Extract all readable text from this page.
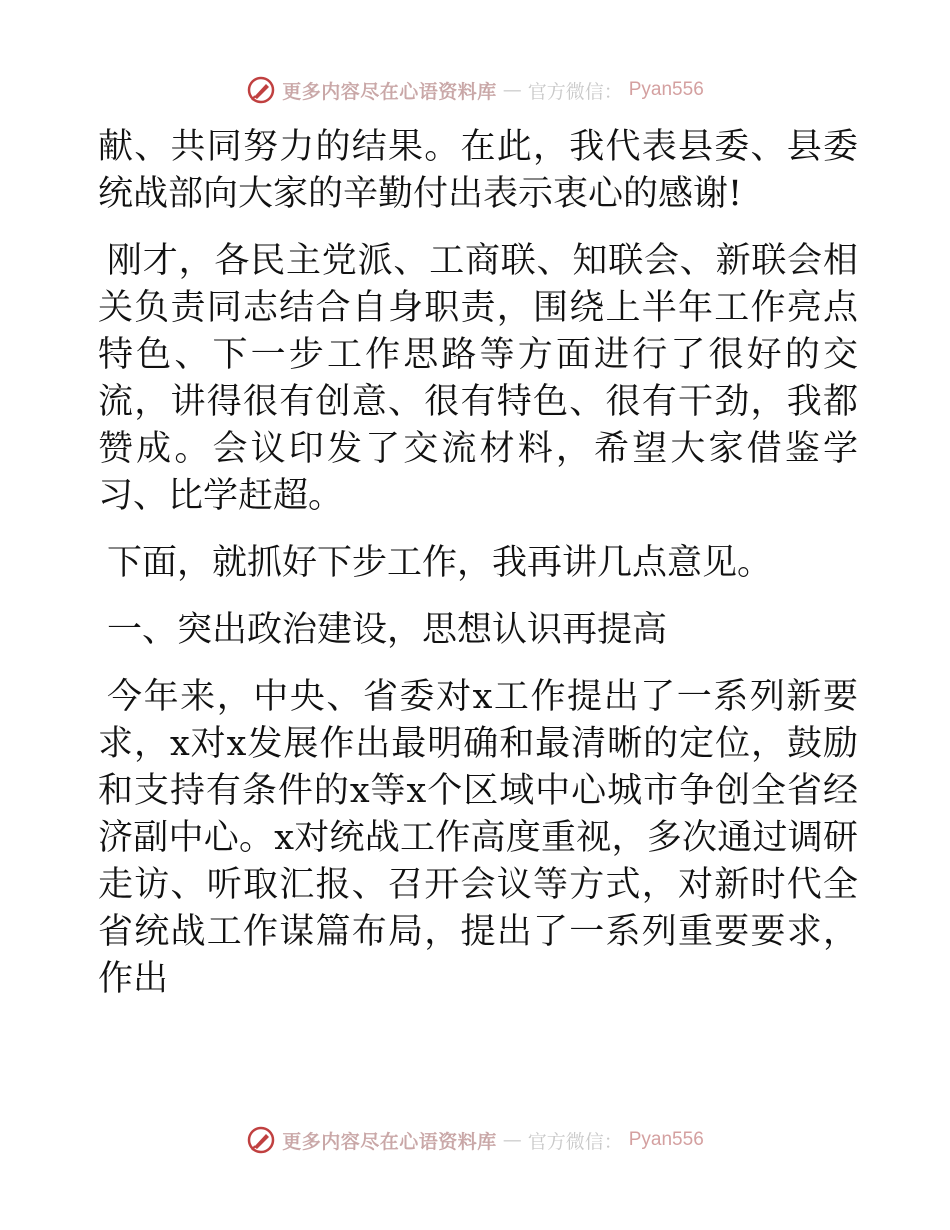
更多内容尽在心语资料库 — 官方微信： Pyan556

献、共同努力的结果。在此，我代表县委、县委统战部向大家的辛勤付出表示衷心的感谢!

刚才，各民主党派、工商联、知联会、新联会相关负责同志结合自身职责，围绕上半年工作亮点特色、下一步工作思路等方面进行了很好的交流，讲得很有创意、很有特色、很有干劲，我都赞成。会议印发了交流材料，希望大家借鉴学习、比学赶超。

下面，就抓好下步工作，我再讲几点意见。

一、突出政治建设，思想认识再提高

今年来，中央、省委对x工作提出了一系列新要求，x对x发展作出最明确和最清晰的定位，鼓励和支持有条件的x等x个区域中心城市争创全省经济副中心。x对统战工作高度重视，多次通过调研走访、听取汇报、召开会议等方式，对新时代全省统战工作谋篇布局，提出了一系列重要要求，作出

更多内容尽在心语资料库 — 官方微信： Pyan556
